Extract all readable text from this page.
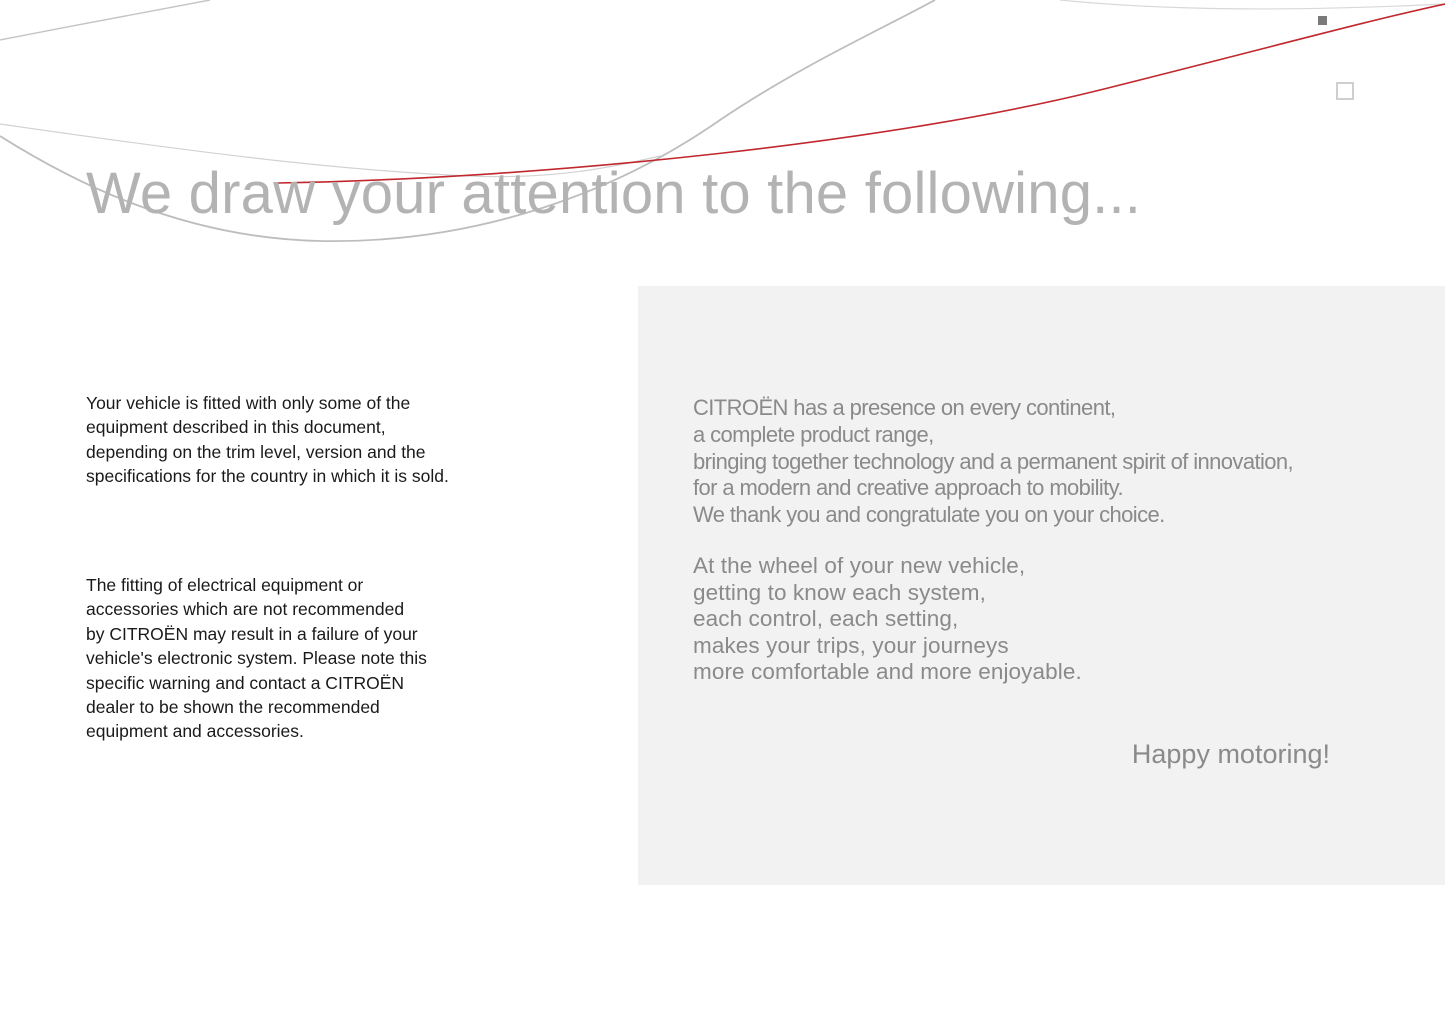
We draw your attention to the following...

Your vehicle is fitted with only some of the

equipment described in this document,

depending on the trim level, version and the

specifications for the country in which it is sold.

The fitting of electrical equipment or

accessories which are not recommended

by CITROËN may result in a failure of your

vehicle's electronic system. Please note this

specific warning and contact a CITROËN

dealer to be shown the recommended

equipment and accessories.

CITROËN has a presence on every continent,
a complete product range,
bringing together technology and a permanent spirit of innovation,
for a modern and creative approach to mobility.
We thank you and congratulate you on your choice.

At the wheel of your new vehicle,
getting to know each system,
each control, each setting,
makes your trips, your journeys
more comfortable and more enjoyable.

Happy motoring!
